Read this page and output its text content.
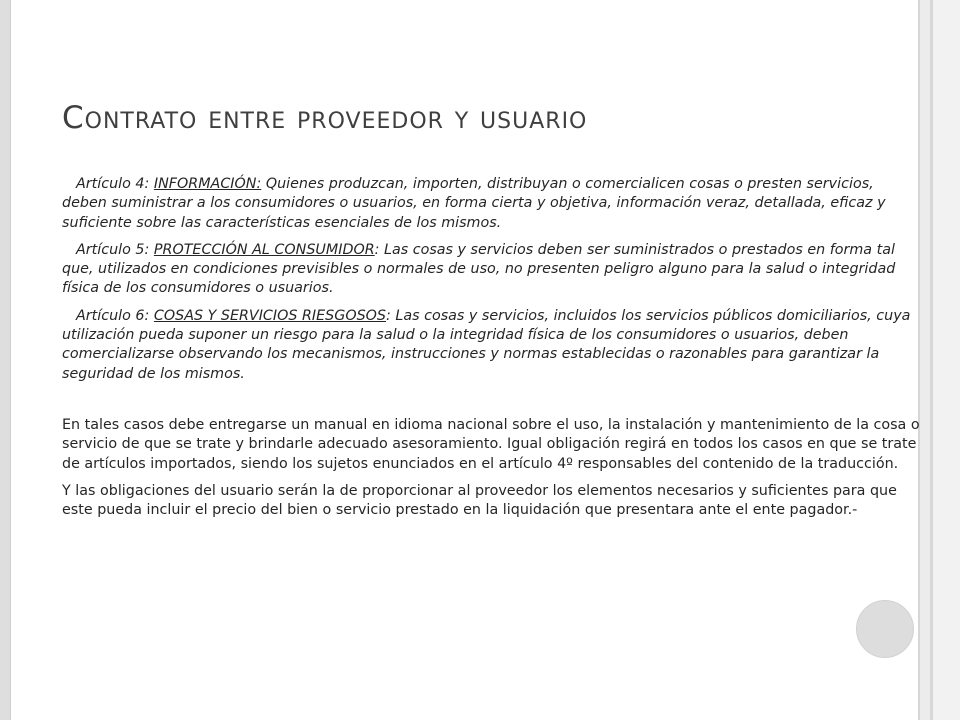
Contrato entre proveedor y usuario

Artículo 4: INFORMACIÓN: Quienes produzcan, importen, distribuyan o comercialicen cosas o presten servicios, deben suministrar a los consumidores o usuarios, en forma cierta y objetiva, información veraz, detallada, eficaz y suficiente sobre las características esenciales de los mismos.

Artículo 5: PROTECCIÓN AL CONSUMIDOR: Las cosas y servicios deben ser suministrados o prestados en forma tal que, utilizados en condiciones previsibles o normales de uso, no presenten peligro alguno para la salud o integridad física de los consumidores o usuarios.

Artículo 6: COSAS Y SERVICIOS RIESGOSOS: Las cosas y servicios, incluidos los servicios públicos domiciliarios, cuya utilización pueda suponer un riesgo para la salud o la integridad física de los consumidores o usuarios, deben comercializarse observando los mecanismos, instrucciones y normas establecidas o razonables para garantizar la seguridad de los mismos.

En tales casos debe entregarse un manual en idioma nacional sobre el uso, la instalación y mantenimiento de la cosa o servicio de que se trate y brindarle adecuado asesoramiento. Igual obligación regirá en todos los casos en que se trate de artículos importados, siendo los sujetos enunciados en el artículo 4º responsables del contenido de la traducción.

Y las obligaciones del usuario serán la de proporcionar al proveedor los elementos necesarios y suficientes para que este pueda incluir el precio del bien o servicio prestado en la liquidación que presentara ante el ente pagador.-
